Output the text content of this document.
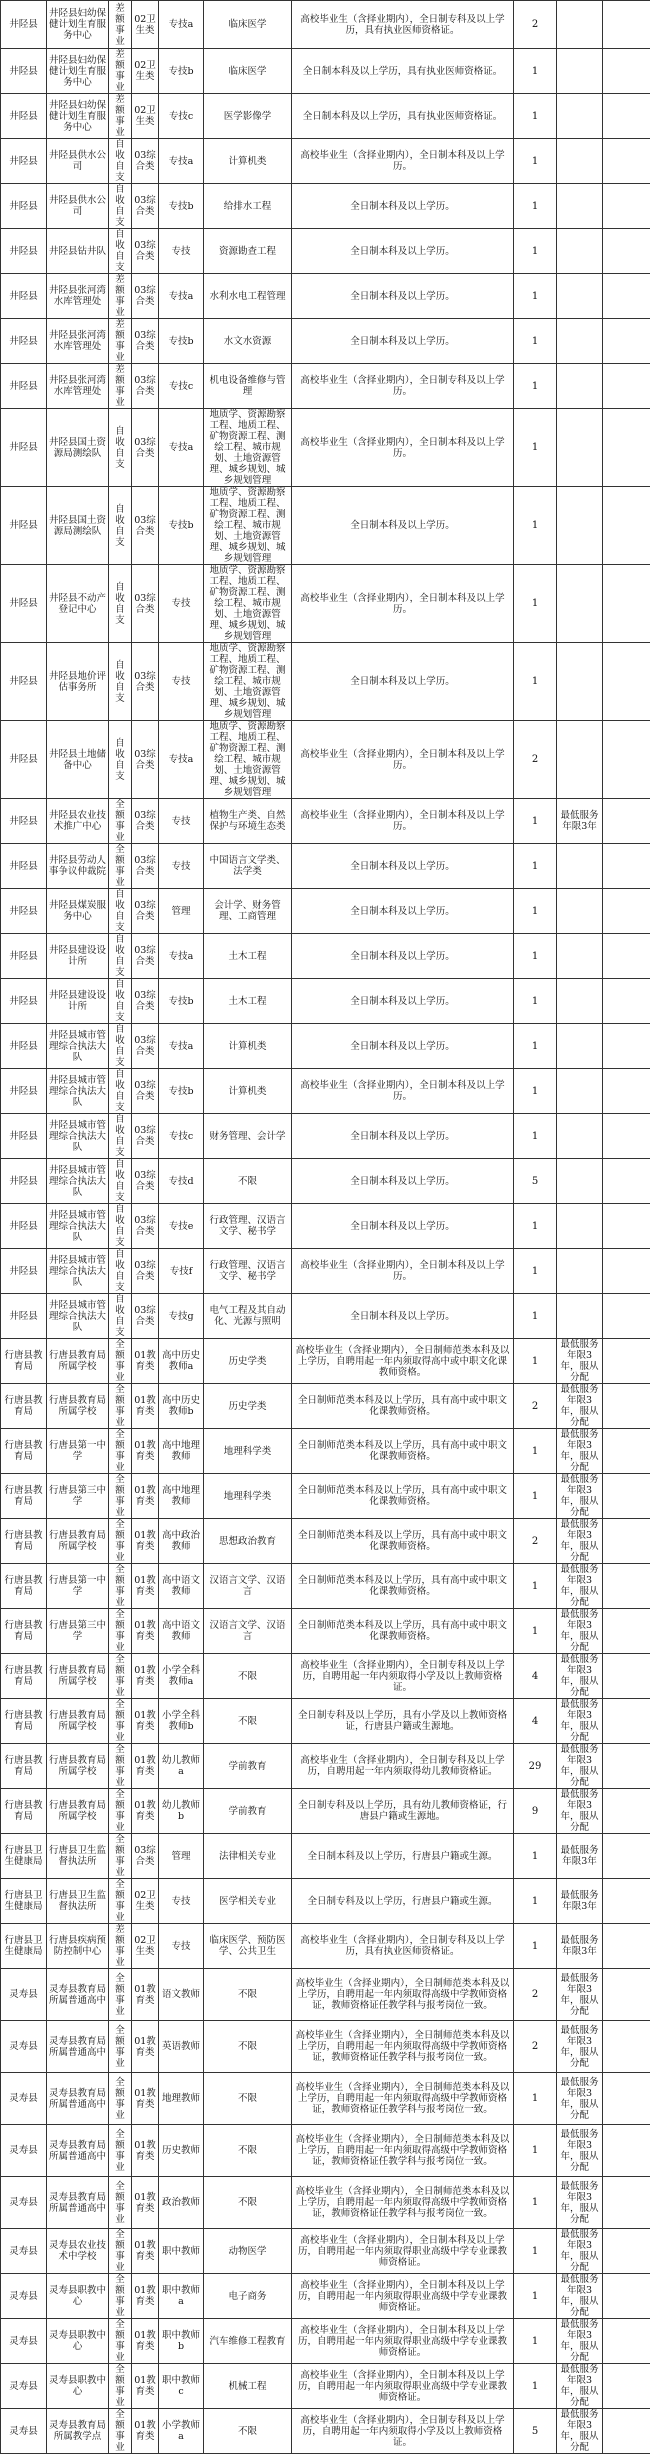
井陉县	井陉县妇幼保健计划生育服务中心	差额事业	02卫生类	专技a	临床医学	高校毕业生（含择业期内），全日制专科及以上学历，具有执业医师资格证。	2		
井陉县	井陉县妇幼保健计划生育服务中心	差额事业	02卫生类	专技b	临床医学	全日制本科及以上学历，具有执业医师资格证。	1		
井陉县	井陉县妇幼保健计划生育服务中心	差额事业	02卫生类	专技c	医学影像学	全日制本科及以上学历，具有执业医师资格证。	1		
井陉县	井陉县供水公司	自收自支	03综合类	专技a	计算机类	高校毕业生（含择业期内），全日制本科及以上学历。	1		
井陉县	井陉县供水公司	自收自支	03综合类	专技b	给排水工程	全日制本科及以上学历。	1		
井陉县	井陉县钻井队	自收自支	03综合类	专技	资源勘查工程	全日制本科及以上学历。	1		
井陉县	井陉县张河湾水库管理处	差额事业	03综合类	专技a	水利水电工程管理	全日制本科及以上学历。	1		
井陉县	井陉县张河湾水库管理处	差额事业	03综合类	专技b	水文水资源	全日制本科及以上学历。	1		
井陉县	井陉县张河湾水库管理处	差额事业	03综合类	专技c	机电设备维修与管理	高校毕业生（含择业期内），全日制专科及以上学历。	1		
井陉县	井陉县国土资源局测绘队	自收自支	03综合类	专技a	地质学、资源勘察工程、地质工程、矿物资源工程、测绘工程、城市规划、土地资源管理、城乡规划、城乡规划管理	高校毕业生（含择业期内），全日制本科及以上学历。	1		
井陉县	井陉县国土资源局测绘队	自收自支	03综合类	专技b	地质学、资源勘察工程、地质工程、矿物资源工程、测绘工程、城市规划、土地资源管理、城乡规划、城乡规划管理	全日制本科及以上学历。	1		
井陉县	井陉县不动产登记中心	自收自支	03综合类	专技	地质学、资源勘察工程、地质工程、矿物资源工程、测绘工程、城市规划、土地资源管理、城乡规划、城乡规划管理	高校毕业生（含择业期内），全日制本科及以上学历。	1		
井陉县	井陉县地价评估事务所	自收自支	03综合类	专技	地质学、资源勘察工程、地质工程、矿物资源工程、测绘工程、城市规划、土地资源管理、城乡规划、城乡规划管理	全日制本科及以上学历。	1		
井陉县	井陉县土地储备中心	自收自支	03综合类	专技a	地质学、资源勘察工程、地质工程、矿物资源工程、测绘工程、城市规划、土地资源管理、城乡规划、城乡规划管理	高校毕业生（含择业期内），全日制本科及以上学历。	2		
井陉县	井陉县农业技术推广中心	全额事业	03综合类	专技	植物生产类、自然保护与环境生态类	高校毕业生（含择业期内），全日制本科及以上学历。	1	最低服务年限3年	
井陉县	井陉县劳动人事争议仲裁院	全额事业	03综合类	专技	中国语言文学类、法学类	全日制本科及以上学历。	1		
井陉县	井陉县煤炭服务中心	自收自支	03综合类	管理	会计学、财务管理、工商管理	全日制本科及以上学历。	1		
井陉县	井陉县建设设计所	自收自支	03综合类	专技a	土木工程	全日制本科及以上学历。	1		
井陉县	井陉县建设设计所	自收自支	03综合类	专技b	土木工程	全日制本科及以上学历。	1		
井陉县	井陉县城市管理综合执法大队	自收自支	03综合类	专技a	计算机类	全日制本科及以上学历。	1		
井陉县	井陉县城市管理综合执法大队	自收自支	03综合类	专技b	计算机类	高校毕业生（含择业期内），全日制本科及以上学历。	1		
井陉县	井陉县城市管理综合执法大队	自收自支	03综合类	专技c	财务管理、会计学	全日制本科及以上学历。	1		
井陉县	井陉县城市管理综合执法大队	自收自支	03综合类	专技d	不限	全日制本科及以上学历。	5		
井陉县	井陉县城市管理综合执法大队	自收自支	03综合类	专技e	行政管理、汉语言文学、秘书学	全日制本科及以上学历。	1		
井陉县	井陉县城市管理综合执法大队	自收自支	03综合类	专技f	行政管理、汉语言文学、秘书学	高校毕业生（含择业期内），全日制本科及以上学历。	1		
井陉县	井陉县城市管理综合执法大队	自收自支	03综合类	专技g	电气工程及其自动化、光源与照明	全日制本科及以上学历。	1		
行唐县教育局	行唐县教育局所属学校	全额事业	01教育类	高中历史教师a	历史学类	高校毕业生（含择业期内），全日制师范类本科及以上学历，自聘用起一年内须取得高中或中职文化课教师资格。	1	最低服务年限3年，服从分配	
行唐县教育局	行唐县教育局所属学校	全额事业	01教育类	高中历史教师b	历史学类	全日制师范类本科及以上学历，具有高中或中职文化课教师资格。	2	最低服务年限3年，服从分配	
行唐县教育局	行唐县第一中学	全额事业	01教育类	高中地理教师	地理科学类	全日制师范类本科及以上学历，具有高中或中职文化课教师资格。	1	最低服务年限3年，服从分配	
行唐县教育局	行唐县第三中学	全额事业	01教育类	高中地理教师	地理科学类	全日制师范类本科及以上学历，具有高中或中职文化课教师资格。	1	最低服务年限3年，服从分配	
行唐县教育局	行唐县教育局所属学校	全额事业	01教育类	高中政治教师	思想政治教育	全日制师范类本科及以上学历，具有高中或中职文化课教师资格。	2	最低服务年限3年，服从分配	
行唐县教育局	行唐县第一中学	全额事业	01教育类	高中语文教师	汉语言文学、汉语言	全日制师范类本科及以上学历，具有高中或中职文化课教师资格。	1	最低服务年限3年，服从分配	
行唐县教育局	行唐县第三中学	全额事业	01教育类	高中语文教师	汉语言文学、汉语言	全日制师范类本科及以上学历，具有高中或中职文化课教师资格。	1	最低服务年限3年，服从分配	
行唐县教育局	行唐县教育局所属学校	全额事业	01教育类	小学全科教师a	不限	高校毕业生（含择业期内），全日制专科及以上学历，自聘用起一年内须取得小学及以上教师资格证。	4	最低服务年限3年，服从分配	
行唐县教育局	行唐县教育局所属学校	全额事业	01教育类	小学全科教师b	不限	全日制专科及以上学历，具有小学及以上教师资格证，行唐县户籍或生源地。	4	最低服务年限3年，服从分配	
行唐县教育局	行唐县教育局所属学校	全额事业	01教育类	幼儿教师a	学前教育	高校毕业生（含择业期内），全日制专科及以上学历，自聘用起一年内须取得幼儿教师资格证。	29	最低服务年限3年，服从分配	
行唐县教育局	行唐县教育局所属学校	全额事业	01教育类	幼儿教师b	学前教育	全日制专科及以上学历，具有幼儿教师资格证，行唐县户籍或生源地。	9	最低服务年限3年，服从分配	
行唐县卫生健康局	行唐县卫生监督执法所	全额事业	03综合类	管理	法律相关专业	全日制本科及以上学历，行唐县户籍或生源。	1	最低服务年限3年	
行唐县卫生健康局	行唐县卫生监督执法所	全额事业	02卫生类	专技	医学相关专业	全日制专科及以上学历，行唐县户籍或生源。	1	最低服务年限3年	
行唐县卫生健康局	行唐县疾病预防控制中心	差额事业	02卫生类	专技	临床医学、预防医学、公共卫生	高校毕业生（含择业期内），全日制专科及以上学历，具有执业医师资格证。	1	最低服务年限3年	
灵寿县	灵寿县教育局所属普通高中	全额事业	01教育类	语文教师	不限	高校毕业生（含择业期内），全日制师范类本科及以上学历，自聘用起一年内须取得高级中学教师资格证，教师资格证任教学科与报考岗位一致。	2	最低服务年限3年，服从分配	
灵寿县	灵寿县教育局所属普通高中	全额事业	01教育类	英语教师	不限	高校毕业生（含择业期内），全日制师范类本科及以上学历，自聘用起一年内须取得高级中学教师资格证，教师资格证任教学科与报考岗位一致。	2	最低服务年限3年，服从分配	
灵寿县	灵寿县教育局所属普通高中	全额事业	01教育类	地理教师	不限	高校毕业生（含择业期内），全日制师范类本科及以上学历，自聘用起一年内须取得高级中学教师资格证，教师资格证任教学科与报考岗位一致。	1	最低服务年限3年，服从分配	
灵寿县	灵寿县教育局所属普通高中	全额事业	01教育类	历史教师	不限	高校毕业生（含择业期内），全日制师范类本科及以上学历，自聘用起一年内须取得高级中学教师资格证，教师资格证任教学科与报考岗位一致。	1	最低服务年限3年，服从分配	
灵寿县	灵寿县教育局所属普通高中	全额事业	01教育类	政治教师	不限	高校毕业生（含择业期内），全日制师范类本科及以上学历，自聘用起一年内须取得高级中学教师资格证，教师资格证任教学科与报考岗位一致。	1	最低服务年限3年，服从分配	
灵寿县	灵寿县农业技术中学校	全额事业	01教育类	职中教师	动物医学	高校毕业生（含择业期内），全日制本科及以上学历，自聘用起一年内须取得职业高级中学专业课教师资格证。	1	最低服务年限3年，服从分配	
灵寿县	灵寿县职教中心	全额事业	01教育类	职中教师a	电子商务	高校毕业生（含择业期内），全日制本科及以上学历，自聘用起一年内须取得职业高级中学专业课教师资格证。	1	最低服务年限3年，服从分配	
灵寿县	灵寿县职教中心	全额事业	01教育类	职中教师b	汽车维修工程教育	高校毕业生（含择业期内），全日制本科及以上学历，自聘用起一年内须取得职业高级中学专业课教师资格证。	1	最低服务年限3年，服从分配	
灵寿县	灵寿县职教中心	全额事业	01教育类	职中教师c	机械工程	高校毕业生（含择业期内），全日制本科及以上学历，自聘用起一年内须取得职业高级中学专业课教师资格证。	1	最低服务年限3年，服从分配	
灵寿县	灵寿县教育局所属教学点	全额事业	01教育类	小学教师a	不限	高校毕业生（含择业期内），全日制专科及以上学历，自聘用起一年内须取得小学及以上教师资格证。	5	最低服务年限3年，服从分配	
